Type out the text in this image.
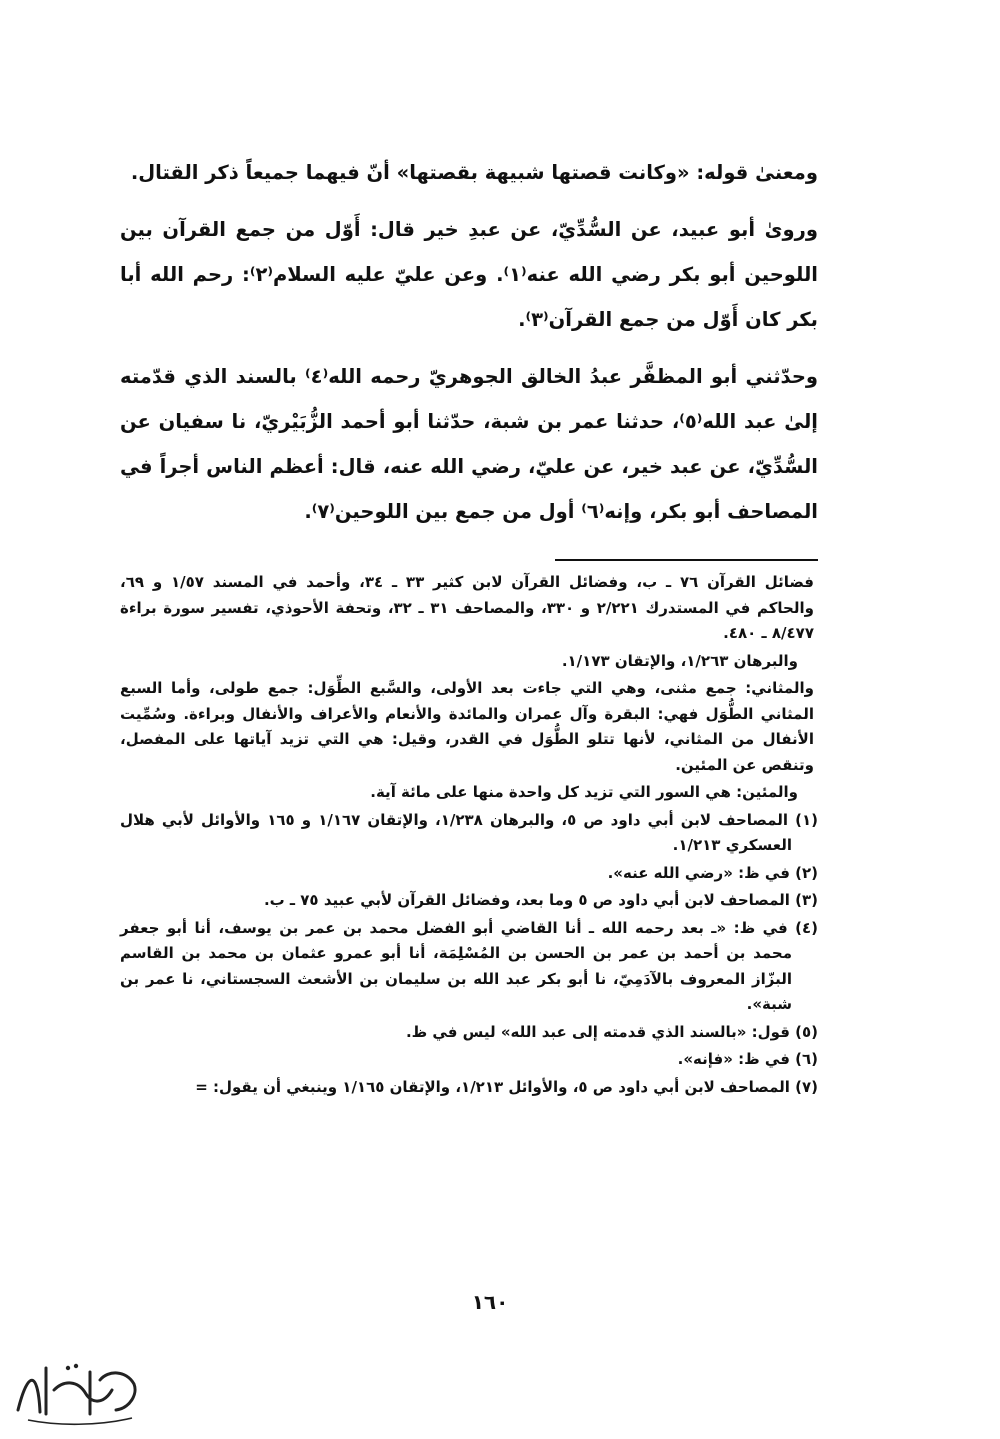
ومعنىٰ قوله: «وكانت قصتها شبيهة بقصتها» أنّ فيهما جميعاً ذكر القتال.

وروىٰ أبو عبيد، عن السُّدِّيّ، عن عبدِ خير قال: أَوّل من جمع القرآن بين اللوحين أبو بكر رضي الله عنه⁽١⁾. وعن عليّ عليه السلام⁽٢⁾: رحم الله أبا بكر كان أَوّل من جمع القرآن⁽٣⁾.

وحدّثني أبو المظفَّر عبدُ الخالق الجوهريّ رحمه الله⁽٤⁾ بالسند الذي قدّمته إلىٰ عبد الله⁽٥⁾، حدثنا عمر بن شبة، حدّثنا أبو أحمد الزُّبَيْريّ، نا سفيان عن السُّدِّيّ، عن عبد خير، عن عليّ، رضي الله عنه، قال: أعظم الناس أجراً في المصاحف أبو بكر، وإنه⁽٦⁾ أول من جمع بين اللوحين⁽٧⁾.

فضائل القرآن ٧٦ ـ ب، وفضائل القرآن لابن كثير ٣٣ ـ ٣٤، وأحمد في المسند ١/٥٧ و ٦٩، والحاكم في المستدرك ٢/٢٢١ و ٣٣٠، والمصاحف ٣١ ـ ٣٢، وتحفة الأحوذي، تفسير سورة براءة ٨/٤٧٧ ـ ٤٨٠.

والبرهان ١/٢٦٣، والإتقان ١/١٧٣.

والمثاني: جمع مثنى، وهي التي جاءت بعد الأولى، والسَّبع الطِّوَل: جمع طولى، وأما السبع المثاني الطُّوَل فهي: البقرة وآل عمران والمائدة والأنعام والأعراف والأنفال وبراءة. وسُمِّيت الأنفال من المثاني، لأنها تتلو الطُّوَل في القدر، وقيل: هي التي تزيد آياتها على المفصل، وتنقص عن المئين.

والمئين: هي السور التي تزيد كل واحدة منها على مائة آية.

(١) المصاحف لابن أبي داود ص ٥، والبرهان ١/٢٣٨، والإتقان ١/١٦٧ و ١٦٥ والأوائل لأبي هلال العسكري ١/٢١٣.

(٢) في ظ: «رضي الله عنه».

(٣) المصاحف لابن أبي داود ص ٥ وما بعد، وفضائل القرآن لأبي عبيد ٧٥ ـ ب.

(٤) في ظ: «ـ بعد رحمه الله ـ أنا القاضي أبو الفضل محمد بن عمر بن يوسف، أنا أبو جعفر محمد بن أحمد بن عمر بن الحسن بن المُسْلِمَة، أنا أبو عمرو عثمان بن محمد بن القاسم البزّاز المعروف بالآدَمِيّ، نا أبو بكر عبد الله بن سليمان بن الأشعث السجستاني، نا عمر بن شبة».

(٥) قول: «بالسند الذي قدمته إلى عبد الله» ليس في ظ.

(٦) في ظ: «فإنه».

(٧) المصاحف لابن أبي داود ص ٥، والأوائل ١/٢١٣، والإتقان ١/١٦٥ وينبغي أن يقول: =

١٦٠
